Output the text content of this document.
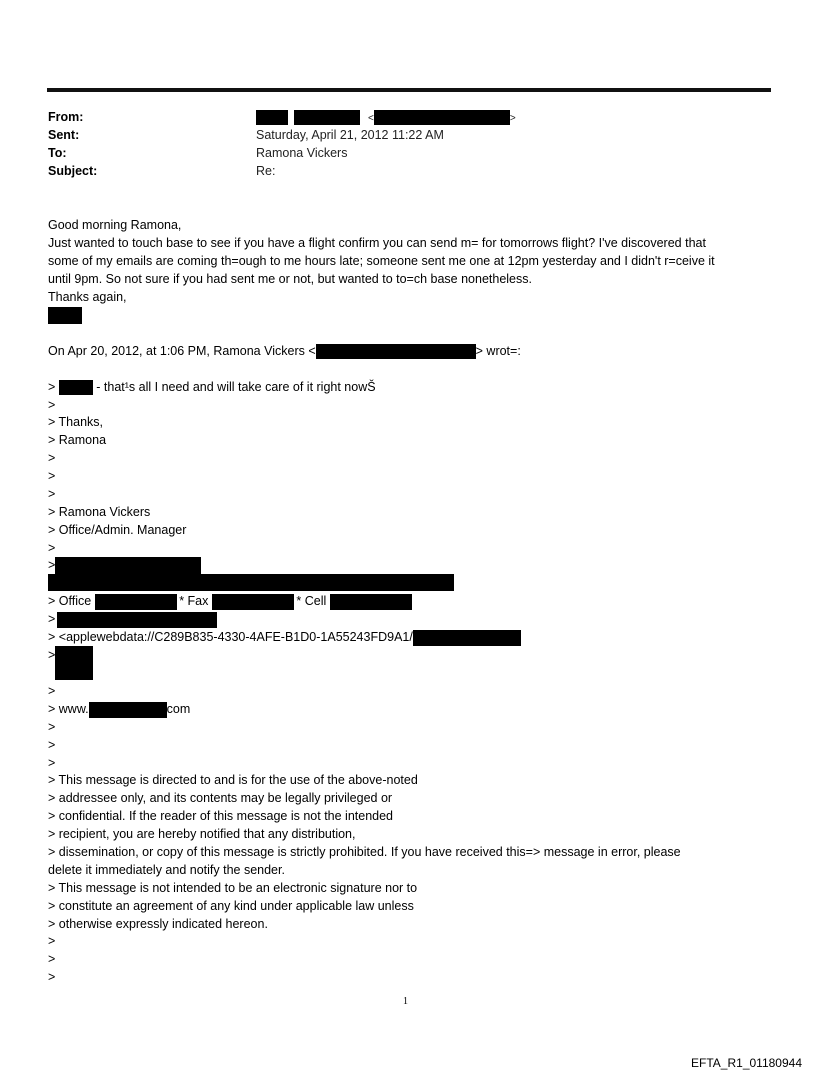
From:	<	>
Sent:	Saturday, April 21, 2012 11:22 AM
To:	Ramona Vickers
Subject:	Re:
Good morning Ramona,
Just wanted to touch base to see if you have a flight confirm you can send m= for tomorrows flight? I've discovered that
some of my emails are coming th=ough to me hours late; someone sent me one at 12pm yesterday and I didn't r=ceive it
until 9pm. So not sure if you had sent me or not, but wanted to to=ch base nonetheless.
Thanks again,
On Apr 20, 2012, at 1:06 PM, Ramona Vickers <	> wrot=:
>	- that¹s all I need and will take care of it right nowŠ
>
> Thanks,
> Ramona
>
>
>
> Ramona Vickers
> Office/Admin. Manager
>
>
> Office	* Fax	* Cell
>
> <applewebdata://C289B835-4330-4AFE-B1D0-1A55243FD9A1/
>
>
> www.	com
>
>
>
> This message is directed to and is for the use of the above-noted
> addressee only, and its contents may be legally privileged or
> confidential. If the reader of this message is not the intended
> recipient, you are hereby notified that any distribution,
> dissemination, or copy of this message is strictly prohibited. If you have received this=> message in error, please
delete it immediately and notify the sender.
> This message is not intended to be an electronic signature nor to
> constitute an agreement of any kind under applicable law unless
> otherwise expressly indicated hereon.
>
>
>
1
EFTA_R1_01180944
